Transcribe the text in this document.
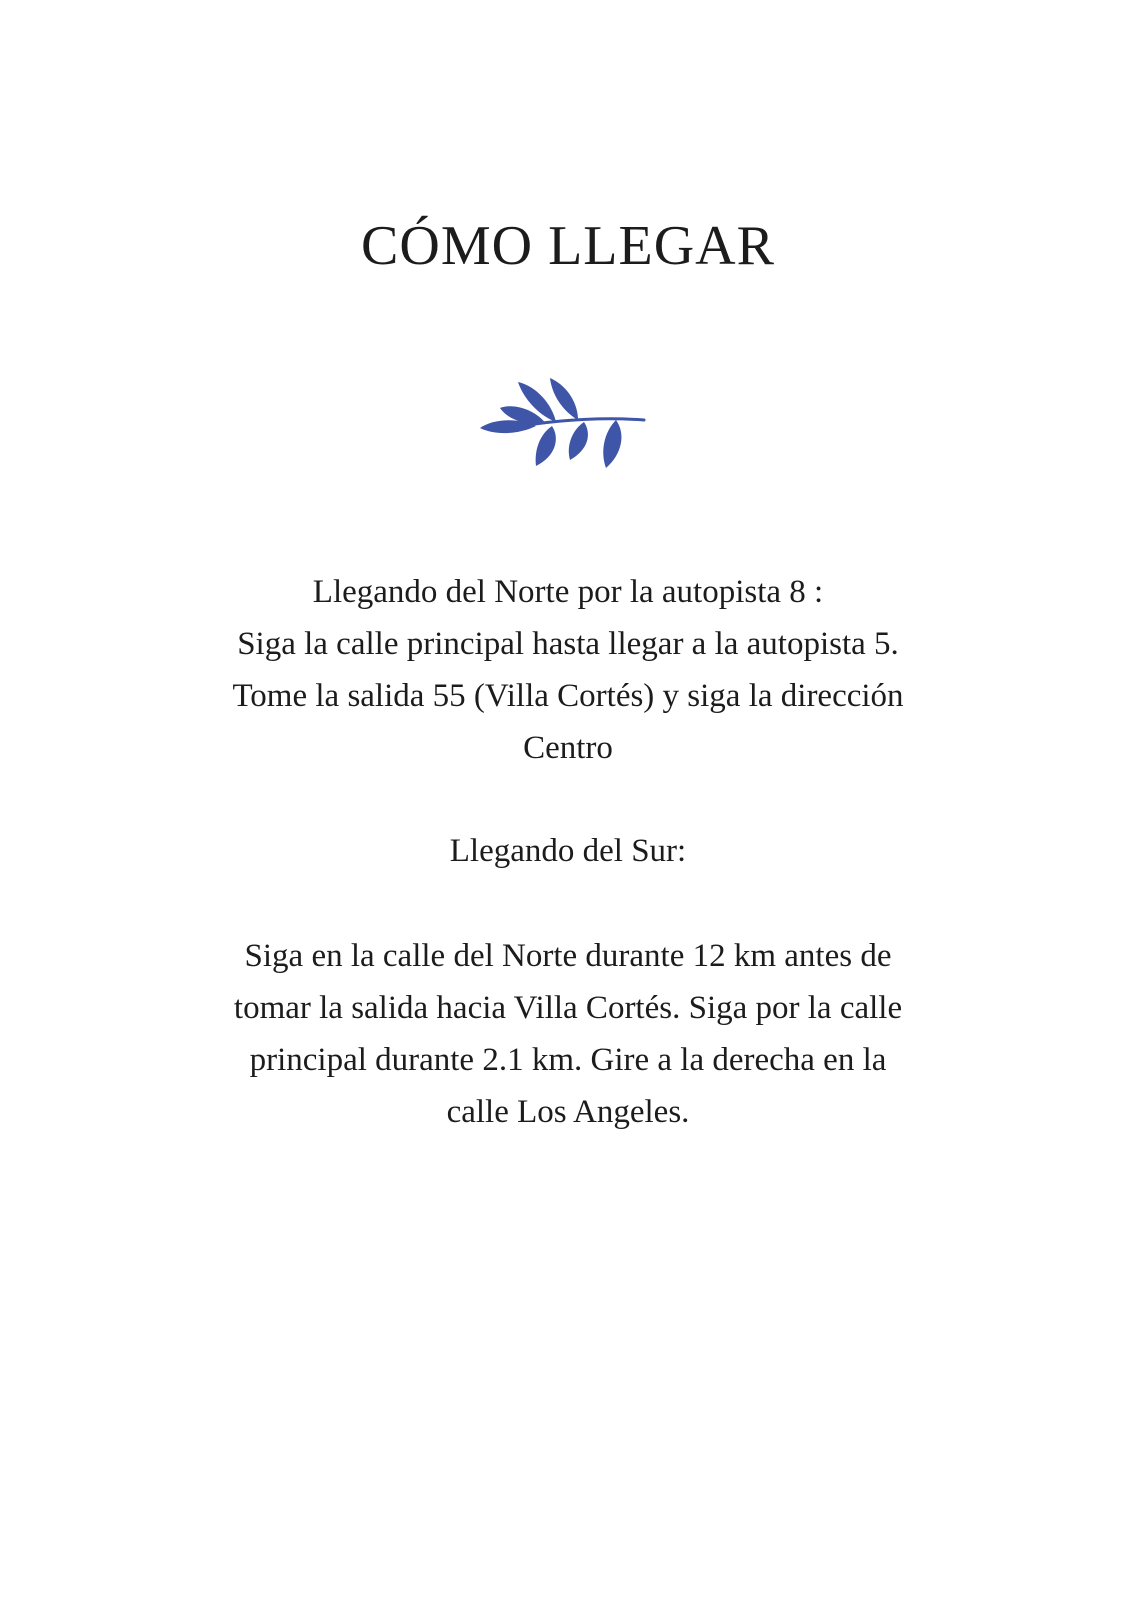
CÓMO LLEGAR
Llegando del Norte por la autopista 8 :
Siga la calle principal hasta llegar a la autopista 5.
Tome la salida 55 (Villa Cortés) y siga la dirección
Centro
Llegando del Sur:
Siga en la calle del Norte durante 12 km antes de
tomar la salida hacia Villa Cortés. Siga por la calle
principal durante 2.1 km. Gire a la derecha en la
calle Los Angeles.
